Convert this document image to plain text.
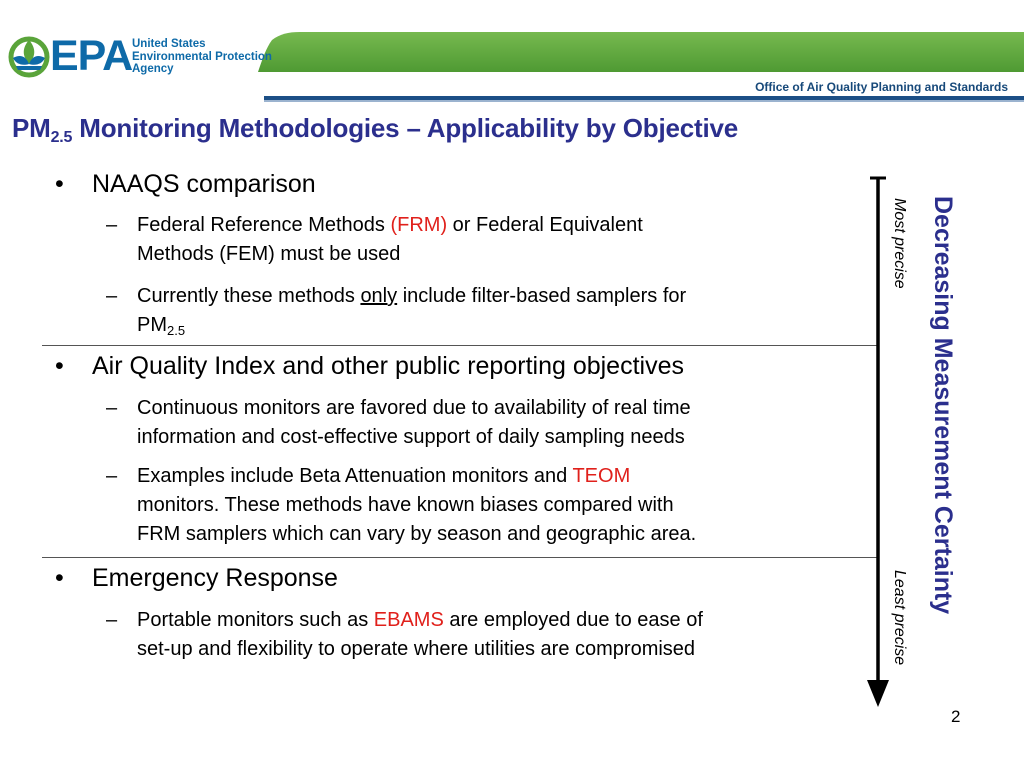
EPA United States
Environmental Protection
Agency
Office of Air Quality Planning and Standards
$PM_{2.5}$ Monitoring Methodologies – Applicability by Objective
• NAAQS comparison
– Federal Reference Methods (FRM) or Federal Equivalent
Methods (FEM) must be used
– Currently these methods only include filter-based samplers for
$PM_{2.5}$
• Air Quality Index and other public reporting objectives
– Continuous monitors are favored due to availability of real time
information and cost-effective support of daily sampling needs
– Examples include Beta Attenuation monitors and TEOM
monitors. These methods have known biases compared with
FRM samplers which can vary by season and geographic area.
• Emergency Response
– Portable monitors such as EBAMS are employed due to ease of
set-up and flexibility to operate where utilities are compromised
Most precise
Least precise
Decreasing Measurement Certainty
2
